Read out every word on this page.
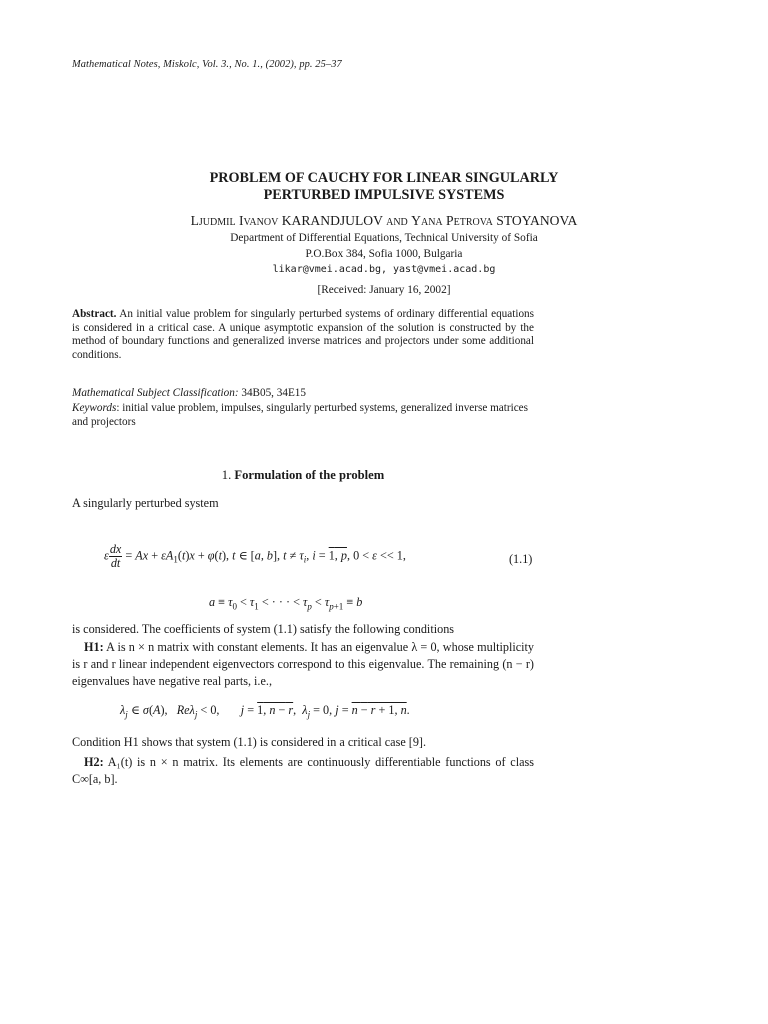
Mathematical Notes, Miskolc, Vol. 3., No. 1., (2002), pp. 25–37
PROBLEM OF CAUCHY FOR LINEAR SINGULARLY
PERTURBED IMPULSIVE SYSTEMS
Ljudmil Ivanov KARANDJULOV and Yana Petrova STOYANOVA
Department of Differential Equations, Technical University of Sofia
P.O.Box 384, Sofia 1000, Bulgaria
likar@vmei.acad.bg, yast@vmei.acad.bg
[Received: January 16, 2002]
Abstract. An initial value problem for singularly perturbed systems of ordinary differential equations is considered in a critical case. A unique asymptotic expansion of the solution is constructed by the method of boundary functions and generalized inverse matrices and projectors under some additional conditions.
Mathematical Subject Classification: 34B05, 34E15
Keywords: initial value problem, impulses, singularly perturbed systems, generalized inverse matrices and projectors
1. Formulation of the problem
A singularly perturbed system
ε $\frac{dx}{dt} = Ax + \varepsilon A_1(t)x + \varphi(t)$, t ∈ [a, b], $t \ne \tau_i$, i = 1, p, 0 < ε << 1,	(1.1)
$a \equiv \tau_0 < \tau_1$ < · · · < $\tau_p < \tau_{p+1} \equiv b$
is considered. The coefficients of system (1.1) satisfy the following conditions
H1: A is n × n matrix with constant elements. It has an eigenvalue λ = 0, whose multiplicity is r and r linear independent eigenvectors correspond to this eigenvalue. The remaining (n − r) eigenvalues have negative real parts, i.e.,
$\lambda_j$ ∈ σ(A),   Reλ$_j$ < 0,       j = 1, n − r,  $\lambda_j = 0$, j = n − r + 1, n.
Condition H1 shows that system (1.1) is considered in a critical case [9].
H2: A₁(t) is n × n matrix. Its elements are continuously differentiable functions of class C∞[a, b].
